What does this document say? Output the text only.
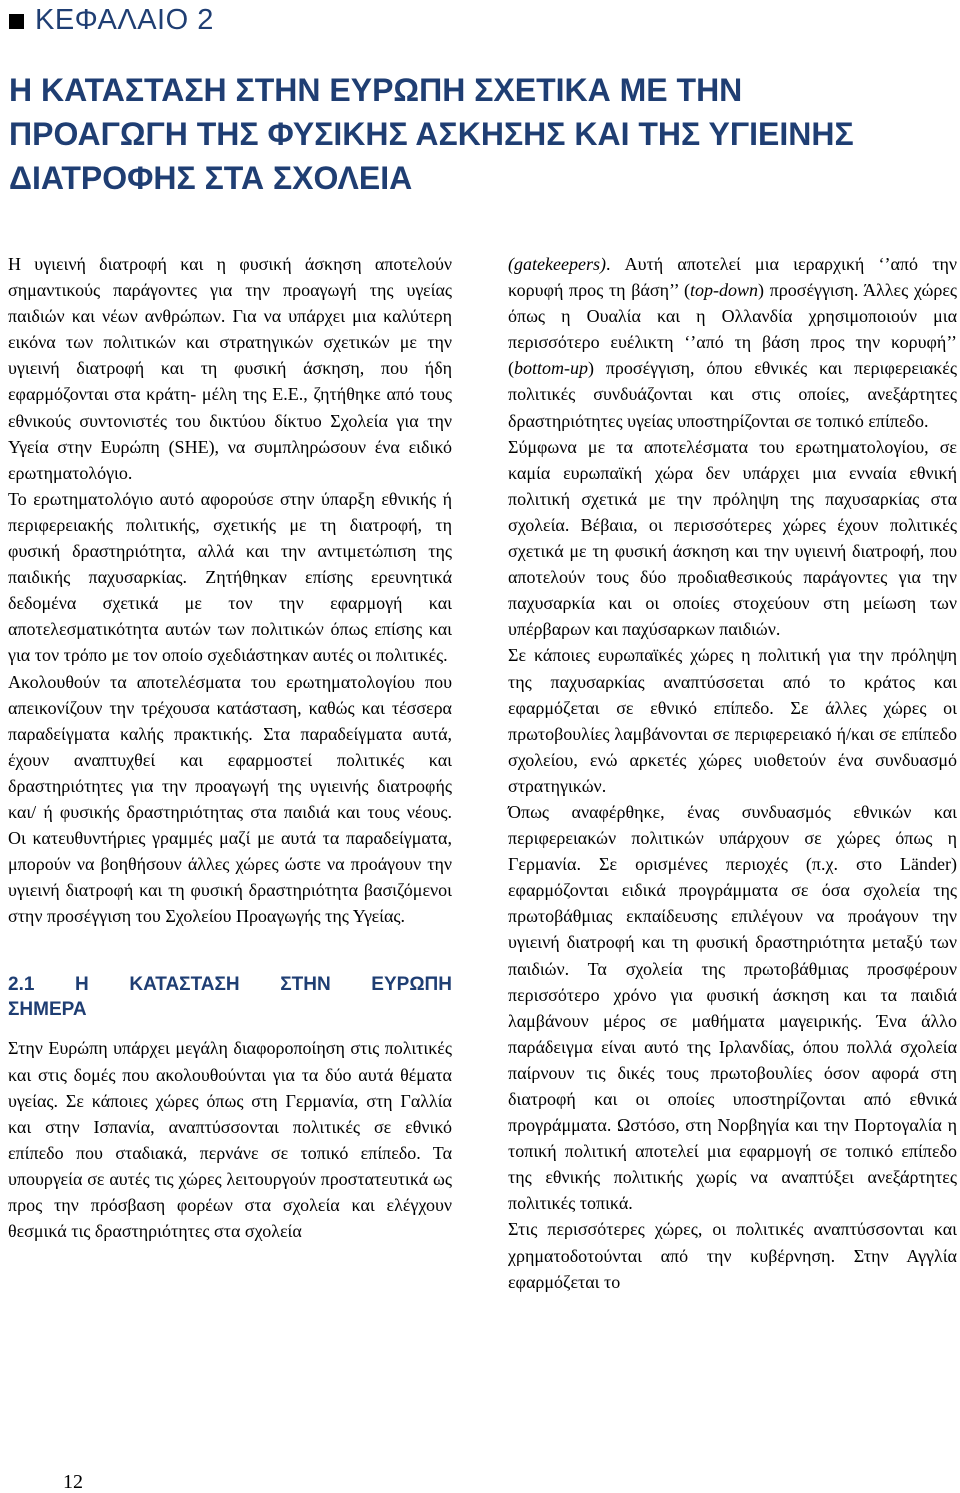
ΚΕΦΑΛΑΙΟ 2
Η ΚΑΤΑΣΤΑΣΗ ΣΤΗΝ ΕΥΡΩΠΗ ΣΧΕΤΙΚΑ ΜΕ ΤΗΝ ΠΡΟΑΓΩΓΗ ΤΗΣ ΦΥΣΙΚΗΣ ΑΣΚΗΣΗΣ ΚΑΙ ΤΗΣ ΥΓΙΕΙΝΗΣ ΔΙΑΤΡΟΦΗΣ ΣΤΑ ΣΧΟΛΕΙΑ

Η υγιεινή διατροφή και η φυσική άσκηση αποτελούν σημαντικούς παράγοντες για την προαγωγή της υγείας παιδιών και νέων ανθρώπων. Για να υπάρχει μια καλύτερη εικόνα των πολιτικών και στρατηγικών σχετικών με την υγιεινή διατροφή και τη φυσική άσκηση, που ήδη εφαρμόζονται στα κράτη- μέλη της Ε.Ε., ζητήθηκε από τους εθνικούς συντονιστές του δικτύου δίκτυο Σχολεία για την Υγεία στην Ευρώπη (SHE), να συμπληρώσουν ένα ειδικό ερωτηματολόγιο.

Το ερωτηματολόγιο αυτό αφορούσε στην ύπαρξη εθνικής ή περιφερειακής πολιτικής, σχετικής με τη διατροφή, τη φυσική δραστηριότητα, αλλά και την αντιμετώπιση της παιδικής παχυσαρκίας. Ζητήθηκαν επίσης ερευνητικά δεδομένα σχετικά με τον την εφαρμογή και αποτελεσματικότητα αυτών των πολιτικών όπως επίσης και για τον τρόπο με τον οποίο σχεδιάστηκαν αυτές οι πολιτικές.

Ακολουθούν τα αποτελέσματα του ερωτηματολογίου που απεικονίζουν την τρέχουσα κατάσταση, καθώς και τέσσερα παραδείγματα καλής πρακτικής. Στα παραδείγματα αυτά, έχουν αναπτυχθεί και εφαρμοστεί πολιτικές και δραστηριότητες για την προαγωγή της υγιεινής διατροφής και/ ή φυσικής δραστηριότητας στα παιδιά και τους νέους. Οι κατευθυντήριες γραμμές μαζί με αυτά τα παραδείγματα, μπορούν να βοηθήσουν άλλες χώρες ώστε να προάγουν την υγιεινή διατροφή και τη φυσική δραστηριότητα βασιζόμενοι στην προσέγγιση του Σχολείου Προαγωγής της Υγείας.

2.1 Η ΚΑΤΑΣΤΑΣΗ ΣΤΗΝ ΕΥΡΩΠΗ ΣΗΜΕΡΑ

Στην Ευρώπη υπάρχει μεγάλη διαφοροποίηση στις πολιτικές και στις δομές που ακολουθούνται για τα δύο αυτά θέματα υγείας. Σε κάποιες χώρες όπως στη Γερμανία, στη Γαλλία και στην Ισπανία, αναπτύσσονται πολιτικές σε εθνικό επίπεδο που σταδιακά, περνάνε σε τοπικό επίπεδο. Τα υπουργεία σε αυτές τις χώρες λειτουργούν προστατευτικά ως προς την πρόσβαση φορέων στα σχολεία και ελέγχουν θεσμικά τις δραστηριότητες στα σχολεία

(gatekeepers). Αυτή αποτελεί μια ιεραρχική ‘’από την κορυφή προς τη βάση’’ (top-down) προσέγγιση. Άλλες χώρες όπως η Ουαλία και η Ολλανδία χρησιμοποιούν μια περισσότερο ευέλικτη ‘’από τη βάση προς την κορυφή’’ (bottom-up) προσέγγιση, όπου εθνικές και περιφερειακές πολιτικές συνδυάζονται και στις οποίες, ανεξάρτητες δραστηριότητες υγείας υποστηρίζονται σε τοπικό επίπεδο.

Σύμφωνα με τα αποτελέσματα του ερωτηματολογίου, σε καμία ευρωπαϊκή χώρα δεν υπάρχει μια ενναία εθνική πολιτική σχετικά με την πρόληψη της παχυσαρκίας στα σχολεία. Βέβαια, οι περισσότερες χώρες έχουν πολιτικές σχετικά με τη φυσική άσκηση και την υγιεινή διατροφή, που αποτελούν τους δύο προδιαθεσικούς παράγοντες για την παχυσαρκία και οι οποίες στοχεύουν στη μείωση των υπέρβαρων και παχύσαρκων παιδιών.

Σε κάποιες ευρωπαϊκές χώρες η πολιτική για την πρόληψη της παχυσαρκίας αναπτύσσεται από το κράτος και εφαρμόζεται σε εθνικό επίπεδο. Σε άλλες χώρες οι πρωτοβουλίες λαμβάνονται σε περιφερειακό ή/και σε επίπεδο σχολείου, ενώ αρκετές χώρες υιοθετούν ένα συνδυασμό στρατηγικών.

Όπως αναφέρθηκε, ένας συνδυασμός εθνικών και περιφερειακών πολιτικών υπάρχουν σε χώρες όπως η Γερμανία. Σε ορισμένες περιοχές (π.χ. στο Länder) εφαρμόζονται ειδικά προγράμματα σε όσα σχολεία της πρωτοβάθμιας εκπαίδευσης επιλέγουν να προάγουν την υγιεινή διατροφή και τη φυσική δραστηριότητα μεταξύ των παιδιών. Τα σχολεία της πρωτοβάθμιας προσφέρουν περισσότερο χρόνο για φυσική άσκηση και τα παιδιά λαμβάνουν μέρος σε μαθήματα μαγειρικής. Ένα άλλο παράδειγμα είναι αυτό της Ιρλανδίας, όπου πολλά σχολεία παίρνουν τις δικές τους πρωτοβουλίες όσον αφορά στη διατροφή και οι οποίες υποστηρίζονται από εθνικά προγράμματα. Ωστόσο, στη Νορβηγία και την Πορτογαλία η τοπική πολιτική αποτελεί μια εφαρμογή σε τοπικό επίπεδο της εθνικής πολιτικής χωρίς να αναπτύξει ανεξάρτητες πολιτικές τοπικά.

Στις περισσότερες χώρες, οι πολιτικές αναπτύσσονται και χρηματοδοτούνται από την κυβέρνηση. Στην Αγγλία εφαρμόζεται το

12
